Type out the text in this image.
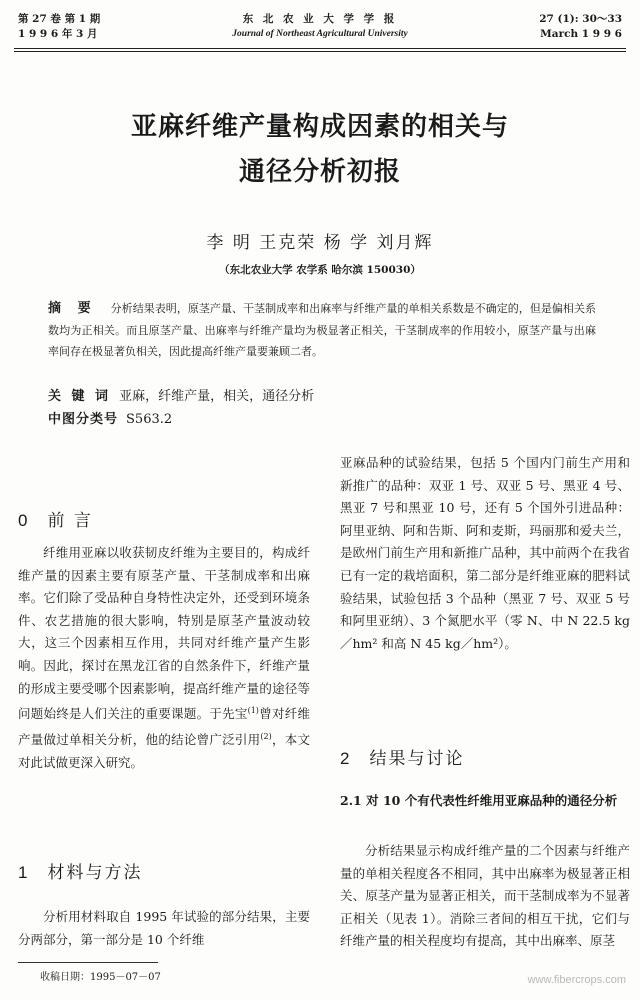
第 27 卷 第 1 期
1 9 9 6 年 3 月
东 北 农 业 大 学 学 报
Journal of Northeast Agricultural University
27 (1): 30～33
March 1 9 9 6
亚麻纤维产量构成因素的相关与
通径分析初报
李 明 王克荣 杨 学 刘月辉
（东北农业大学 农学系 哈尔滨 150030）
摘 要 分析结果表明，原茎产量、干茎制成率和出麻率与纤维产量的单相关系数是不确定的，但是偏相关系数均为正相关。而且原茎产量、出麻率与纤维产量均为极显著正相关，干茎制成率的作用较小，原茎产量与出麻率间存在极显著负相关，因此提高纤维产量要兼顾二者。
关 键 词 亚麻，纤维产量，相关，通径分析
中图分类号 S563.2
0 前 言

纤维用亚麻以收获韧皮纤维为主要目的，构成纤维产量的因素主要有原茎产量、干茎制成率和出麻率。它们除了受品种自身特性决定外，还受到环境条件、农艺措施的很大影响，特别是原茎产量波动较大，这三个因素相互作用，共同对纤维产量产生影响。因此，探讨在黑龙江省的自然条件下，纤维产量的形成主要受哪个因素影响，提高纤维产量的途径等问题始终是人们关注的重要课题。于先宝$^{(1)}$曾对纤维产量做过单相关分析，他的结论曾广泛引用$^{(2)}$，本文对此试做更深入研究。

1 材料与方法

分析用材料取自 1995 年试验的部分结果，主要分两部分，第一部分是 10 个纤维

亚麻品种的试验结果，包括 5 个国内门前生产用和新推广的品种：双亚 1 号、双亚 5 号、黑亚 4 号、黑亚 7 号和黑亚 10 号，还有 5 个国外引进品种：阿里亚纳、阿和告斯、阿和麦斯，玛丽那和爱夫兰，是欧州门前生产用和新推广品种，其中前两个在我省已有一定的栽培面积，第二部分是纤维亚麻的肥料试验结果，试验包括 3 个品种（黑亚 7 号、双亚 5 号和阿里亚纳）、3 个氮肥水平（零 N、中 N 22.5 kg／hm² 和高 N 45 kg／hm²）。

2 结果与讨论
2.1 对 10 个有代表性纤维用亚麻品种的通径分析

分析结果显示构成纤维产量的二个因素与纤维产量的单相关程度各不相同，其中出麻率为极显著正相关、原茎产量为显著正相关，而干茎制成率为不显著正相关（见表 1）。消除三者间的相互干扰，它们与纤维产量的相关程度均有提高，其中出麻率、原茎

收稿日期：1995－07－07	www.fibercrops.com
